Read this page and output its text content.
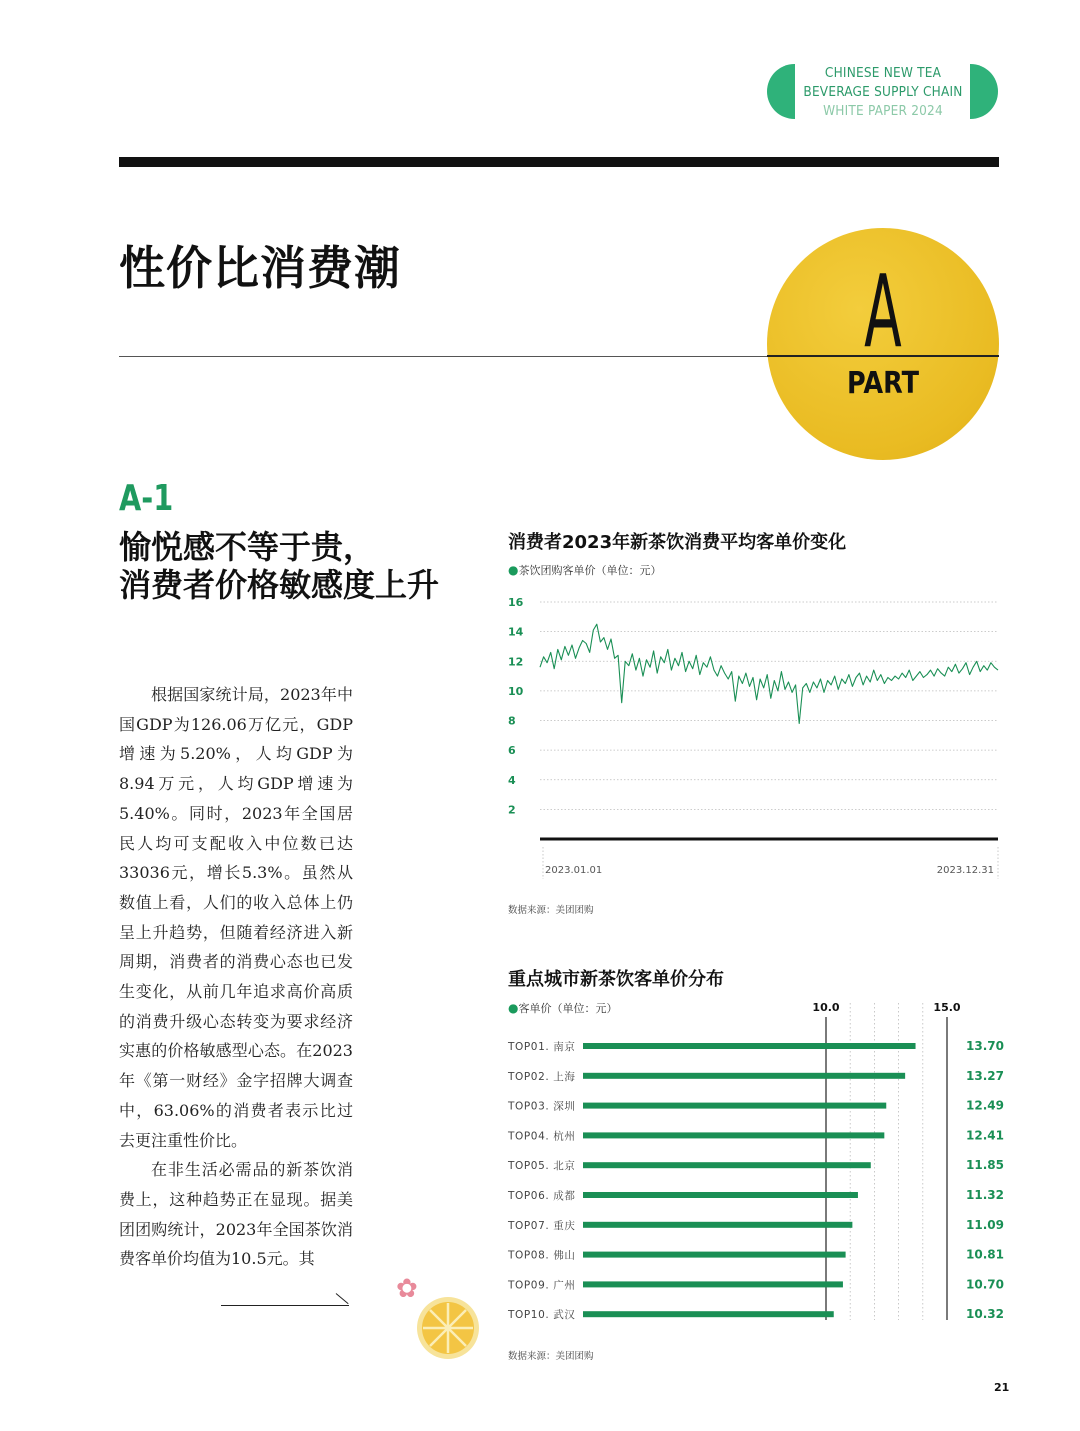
CHINESE NEW TEA
BEVERAGE SUPPLY CHAIN
WHITE PAPER 2024
性价比消费潮	A
PART
A-1
愉悦感不等于贵，
消费者价格敏感度上升

根据国家统计局，2023年中国GDP为126.06万亿元，GDP增速为5.20%，人均GDP为8.94万元，人均GDP增速为5.40%。同时，2023年全国居民人均可支配收入中位数已达33036元，增长5.3%。虽然从数值上看，人们的收入总体上仍呈上升趋势，但随着经济进入新周期，消费者的消费心态也已发生变化，从前几年追求高价高质的消费升级心态转变为要求经济实惠的价格敏感型心态。在2023年《第一财经》金字招牌大调查中，63.06%的消费者表示比过去更注重性价比。

在非生活必需品的新茶饮消费上，这种趋势正在显现。据美团团购统计，2023年全国茶饮消费客单价均值为10.5元。其

✿
消费者2023年新茶饮消费平均客单价变化
●茶饮团购客单价（单位：元）
2
4
6
8
10
12
14
16
2023.01.01	2023.12.31
数据来源：美团团购
重点城市新茶饮客单价分布
●客单价（单位：元）	10.0	15.0
TOP01. 南京	13.70
TOP02. 上海	13.27
TOP03. 深圳	12.49
TOP04. 杭州	12.41
TOP05. 北京	11.85
TOP06. 成都	11.32
TOP07. 重庆	11.09
TOP08. 佛山	10.81
TOP09. 广州	10.70
TOP10. 武汉	10.32
数据来源：美团团购
21
